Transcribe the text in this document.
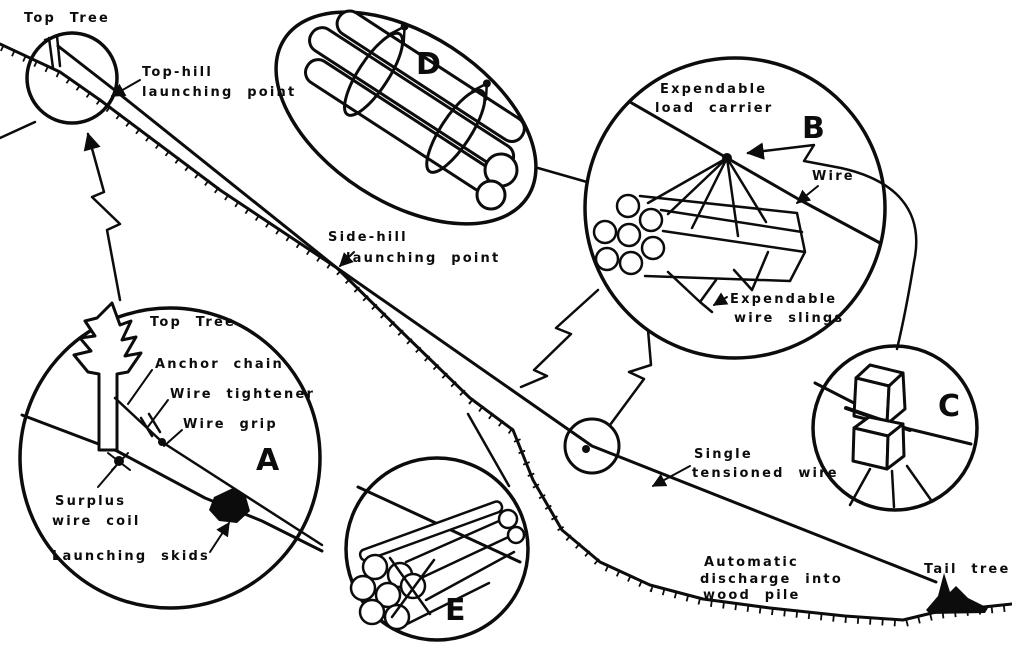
Top Tree
Top-hill
launching point
Side-hill
launching point
Top Tree
Anchor chain
Wire tightener
Wire grip
Surplus
wire coil
Launching skids
A
D
Expendable
load carrier
B
Wire
Expendable
wire slings
C
E
Single
tensioned wire
Automatic
discharge into
wood pile
Tail tree
